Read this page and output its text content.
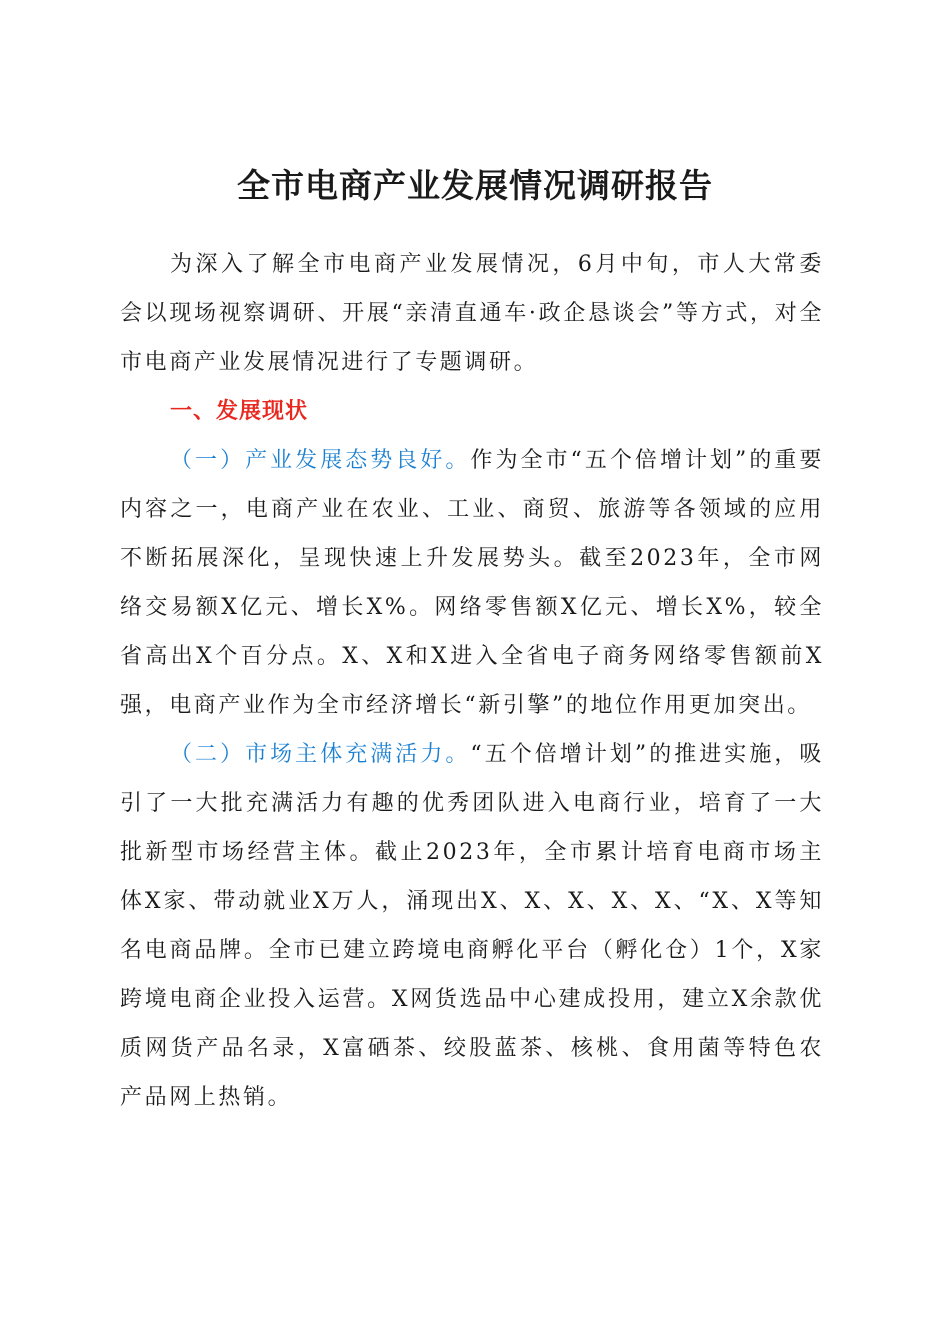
全市电商产业发展情况调研报告

为深入了解全市电商产业发展情况，6月中旬，市人大常委会以现场视察调研、开展“亲清直通车·政企恳谈会”等方式，对全市电商产业发展情况进行了专题调研。

一、发展现状

（一）产业发展态势良好。作为全市“五个倍增计划”的重要内容之一，电商产业在农业、工业、商贸、旅游等各领域的应用不断拓展深化，呈现快速上升发展势头。截至2023年，全市网络交易额X亿元、增长X%。网络零售额X亿元、增长X%，较全省高出X个百分点。X、X和X进入全省电子商务网络零售额前X强，电商产业作为全市经济增长“新引擎”的地位作用更加突出。

（二）市场主体充满活力。“五个倍增计划”的推进实施，吸引了一大批充满活力有趣的优秀团队进入电商行业，培育了一大批新型市场经营主体。截止2023年，全市累计培育电商市场主体X家、带动就业X万人，涌现出X、X、X、X、X、“X、X等知名电商品牌。全市已建立跨境电商孵化平台（孵化仓）1个，X家跨境电商企业投入运营。X网货选品中心建成投用，建立X余款优质网货产品名录，X富硒茶、绞股蓝茶、核桃、食用菌等特色农产品网上热销。
